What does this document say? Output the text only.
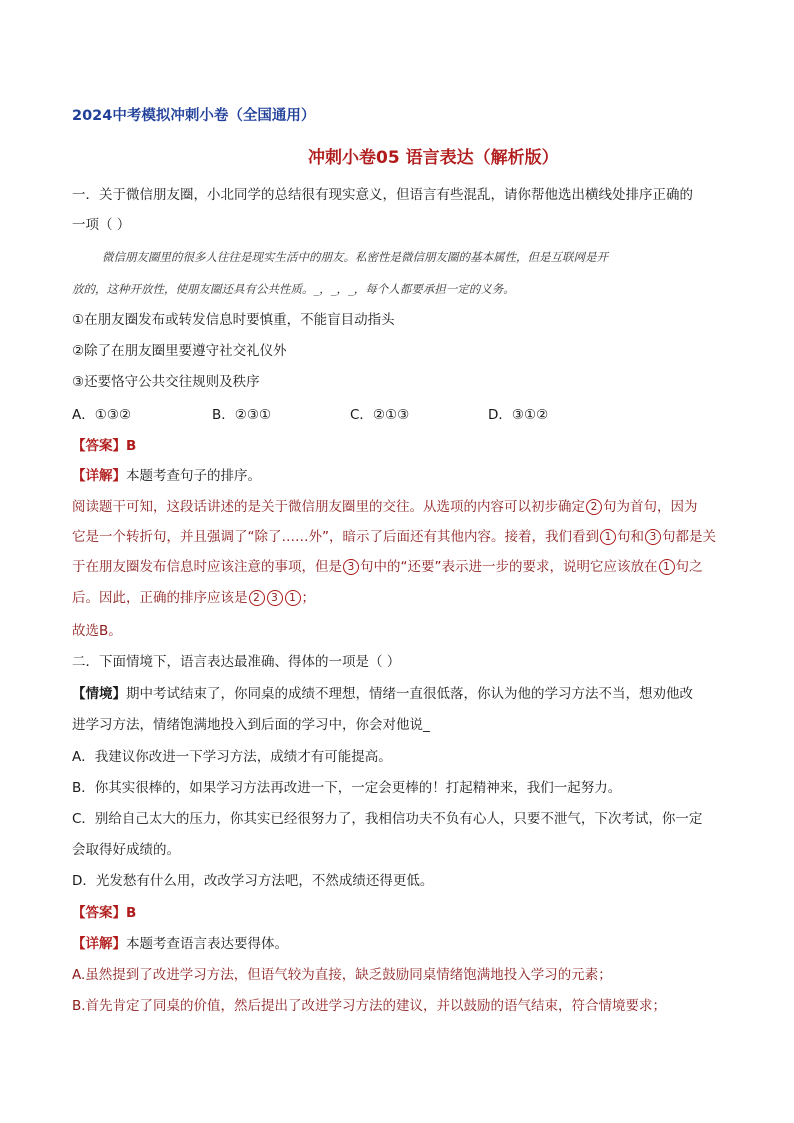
2024中考模拟冲刺小卷（全国通用）
冲刺小卷05 语言表达（解析版）
一．关于微信朋友圈，小北同学的总结很有现实意义，但语言有些混乱，请你帮他选出横线处排序正确的
一项（ ）
微信朋友圈里的很多人往往是现实生活中的朋友。私密性是微信朋友圈的基本属性，但是互联网是开
放的，这种开放性，使朋友圈还具有公共性质。_，_，_，每个人都要承担一定的义务。
①在朋友圈发布或转发信息时要慎重，不能盲目动指头
②除了在朋友圈里要遵守社交礼仪外
③还要恪守公共交往规则及秩序
A．①③②	B．②③①	C．②①③	D．③①②
【答案】B
【详解】本题考查句子的排序。
阅读题干可知，这段话讲述的是关于微信朋友圈里的交往。从选项的内容可以初步确定 2 句为首句，因为
它是一个转折句，并且强调了“除了……外”，暗示了后面还有其他内容。接着，我们看到 1 句和 3 句都是关
于在朋友圈发布信息时应该注意的事项，但是 3 句中的“还要”表示进一步的要求，说明它应该放在 1 句之
后。因此，正确的排序应该是 2 3 1 ；
故选B。
二．下面情境下，语言表达最准确、得体的一项是（ ）
【情境】期中考试结束了，你同桌的成绩不理想，情绪一直很低落，你认为他的学习方法不当，想劝他改
进学习方法，情绪饱满地投入到后面的学习中，你会对他说_
A．我建议你改进一下学习方法，成绩才有可能提高。
B．你其实很棒的，如果学习方法再改进一下，一定会更棒的！打起精神来，我们一起努力。
C．别给自己太大的压力，你其实已经很努力了，我相信功夫不负有心人，只要不泄气，下次考试，你一定
会取得好成绩的。
D．光发愁有什么用，改改学习方法吧，不然成绩还得更低。
【答案】B
【详解】本题考查语言表达要得体。
A.虽然提到了改进学习方法，但语气较为直接，缺乏鼓励同桌情绪饱满地投入学习的元素；
B.首先肯定了同桌的价值，然后提出了改进学习方法的建议，并以鼓励的语气结束，符合情境要求；
